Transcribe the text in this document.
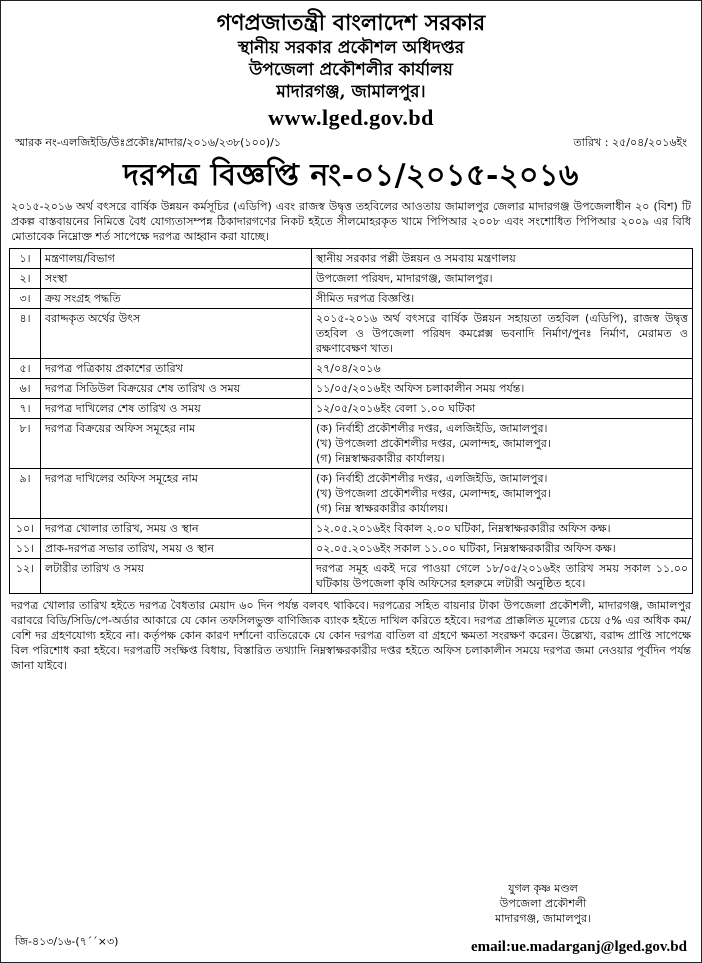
গণপ্রজাতন্ত্রী বাংলাদেশ সরকার
স্থানীয় সরকার প্রকৌশল অধিদপ্তর
উপজেলা প্রকৌশলীর কার্যালয়
মাদারগঞ্জ, জামালপুর।
www.lged.gov.bd
স্মারক নং-এলজিইডি/উঃপ্রকৌঃ/মাদার/২০১৬/২৩৮(১০০)/১	তারিখ : ২৫/০৪/২০১৬ইং
দরপত্র বিজ্ঞপ্তি নং-০১/২০১৫-২০১৬
২০১৫-২০১৬ অর্থ বৎসরে বার্ষিক উন্নয়ন কর্মসূচির (এডিপি) এবং রাজস্ব উদ্বৃত্ত তহবিলের আওতায় জামালপুর জেলার মাদারগঞ্জ উপজেলাধীন ২০ (বিশ) টি প্রকল্প বাস্তবায়নের নিমিত্তে বৈধ যোগ্যতাসম্পন্ন ঠিকাদারগণের নিকট হইতে সীলমোহরকৃত খামে পিপিআর ২০০৮ এবং সংশোধিত পিপিআর ২০০৯ এর বিধি মোতাবেক নিম্নোক্ত শর্ত সাপেক্ষে দরপত্র আহ্বান করা যাচ্ছে।
১।	মন্ত্রণালয়/বিভাগ	স্থানীয় সরকার পল্লী উন্নয়ন ও সমবায় মন্ত্রণালয়

২।	সংস্থা	উপজেলা পরিষদ, মাদারগঞ্জ, জামালপুর।

৩।	ক্রয় সংগ্রহ পদ্ধতি	সীমিত দরপত্র বিজ্ঞপ্তি।

৪।	বরাদ্দকৃত অর্থের উৎস	২০১৫-২০১৬ অর্থ বৎসরে বার্ষিক উন্নয়ন সহায়তা তহবিল (এডিপি), রাজস্ব উদ্বৃত্ত তহবিল ও উপজেলা পরিষদ কমপ্লেক্স ভবনাদি নির্মাণ/পুনঃ নির্মাণ, মেরামত ও রক্ষণাবেক্ষণ খাত।

৫।	দরপত্র পত্রিকায় প্রকাশের তারিখ	২৭/০৪/২০১৬

৬।	দরপত্র সিডিউল বিক্রয়ের শেষ তারিখ ও সময়	১১/০৫/২০১৬ইং অফিস চলাকালীন সময় পর্যন্ত।

৭।	দরপত্র দাখিলের শেষ তারিখ ও সময়	১২/০৫/২০১৬ইং বেলা ১.০০ ঘটিকা

৮।	দরপত্র বিক্রয়ের অফিস সমূহের নাম	(ক) নির্বাহী প্রকৌশলীর দপ্তর, এলজিইডি, জামালপুর।
(খ) উপজেলা প্রকৌশলীর দপ্তর, মেলান্দহ, জামালপুর।
(গ) নিম্নস্বাক্ষরকারীর কার্যালয়।

৯।	দরপত্র দাখিলের অফিস সমূহের নাম	(ক) নির্বাহী প্রকৌশলীর দপ্তর, এলজিইডি, জামালপুর।
(খ) উপজেলা প্রকৌশলীর দপ্তর, মেলান্দহ, জামালপুর।
(গ) নিম্ন স্বাক্ষরকারীর কার্যালয়।

১০।	দরপত্র খোলার তারিখ, সময় ও স্থান	১২.০৫.২০১৬ইং বিকাল ২.০০ ঘটিকা, নিম্নস্বাক্ষরকারীর অফিস কক্ষ।

১১।	প্রাক-দরপত্র সভার তারিখ, সময় ও স্থান	০২.০৫.২০১৬ইং সকাল ১১.০০ ঘটিকা, নিম্নস্বাক্ষরকারীর অফিস কক্ষ।

১২।	লটারীর তারিখ ও সময়	দরপত্র সমূহ একই দরে পাওয়া গেলে ১৮/০৫/২০১৬ইং তারিখ সময় সকাল ১১.০০ ঘটিকায় উপজেলা কৃষি অফিসের হলরুমে লটারী অনুষ্ঠিত হবে।
দরপত্র খোলার তারিখ হইতে দরপত্র বৈধতার মেয়াদ ৬০ দিন পর্যন্ত বলবৎ থাকিবে। দরপত্রের সহিত বায়নার টাকা উপজেলা প্রকৌশলী, মাদারগঞ্জ, জামালপুর বরাবরে বিডি/সিডি/পে-অর্ডার আকারে যে কোন তফসিলভুক্ত বাণিজ্যিক ব্যাংক হইতে দাখিল করিতে হইবে। দরপত্র প্রাক্কলিত মূল্যের চেয়ে ৫% এর অধিক কম/বেশি দর গ্রহণযোগ্য হইবে না। কর্তৃপক্ষ কোন কারণ দর্শানো ব্যতিরেকে যে কোন দরপত্র বাতিল বা গ্রহণে ক্ষমতা সংরক্ষণ করেন। উল্লেখ্য, বরাদ্দ প্রাপ্তি সাপেক্ষে বিল পরিশোধ করা হইবে। দরপত্রটি সংক্ষিপ্ত বিধায়, বিস্তারিত তথ্যাদি নিম্নস্বাক্ষরকারীর দপ্তর হইতে অফিস চলাকালীন সময়ে দরপত্র জমা নেওয়ার পূর্বদিন পর্যন্ত জানা যাইবে।
যুগল কৃষ্ণ মণ্ডল
উপজেলা প্রকৌশলী
মাদারগঞ্জ, জামালপুর।
জি-৪১৩/১৬-(৭´´×৩)	email:ue.madarganj@lged.gov.bd
